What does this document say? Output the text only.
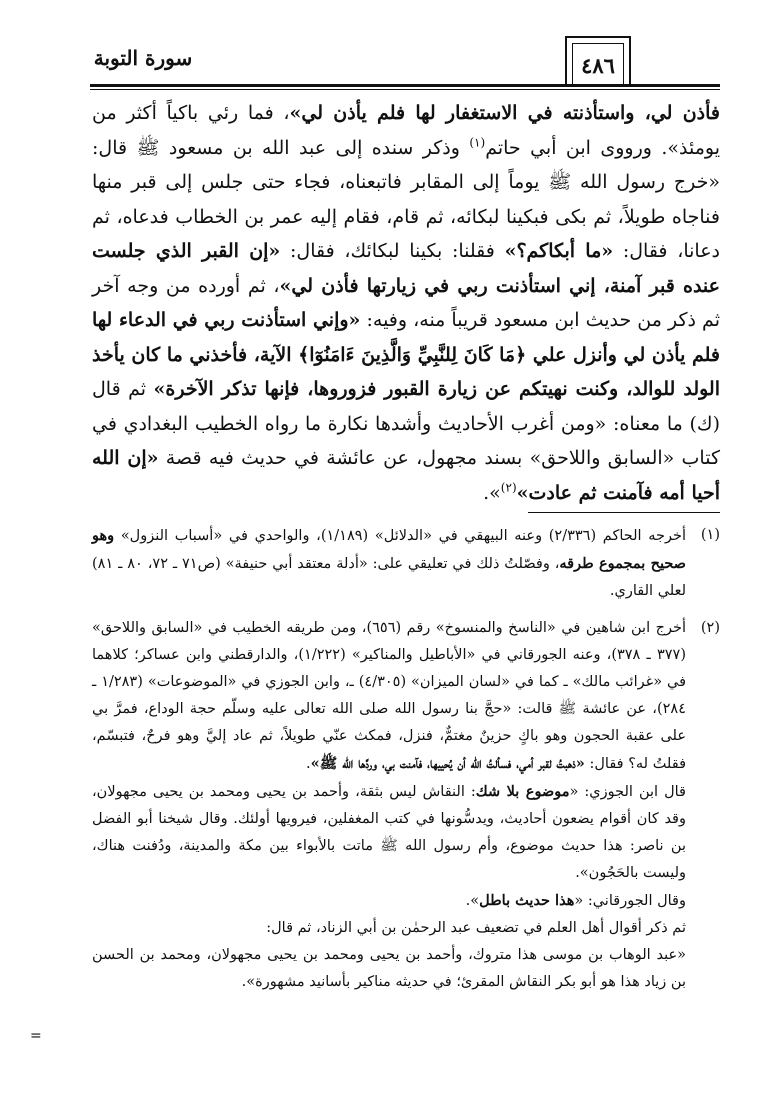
سورة التوبة	٤٨٦

فأذن لي، واستأذنته في الاستغفار لها فلم يأذن لي»، فما رئي باكياً أكثر من يومئذ». ورووى ابن أبي حاتم$^{(١)}$ وذكر سنده إلى عبد الله بن مسعود ﷺ قال: «خرج رسول الله ﷺ يوماً إلى المقابر فاتبعناه، فجاء حتى جلس إلى قبر منها فناجاه طويلاً، ثم بكى فبكينا لبكائه، ثم قام، فقام إليه عمر بن الخطاب فدعاه، ثم دعانا، فقال: «ما أبكاكم؟» فقلنا: بكينا لبكائك، فقال: «إن القبر الذي جلست عنده قبر آمنة، إني استأذنت ربي في زيارتها فأذن لي»، ثم أورده من وجه آخر ثم ذكر من حديث ابن مسعود قريباً منه، وفيه: «وإني استأذنت ربي في الدعاء لها فلم يأذن لي وأنزل علي ﴿مَا كَانَ لِلنَّبِيِّ وَالَّذِينَ ءَامَنُوٓا﴾ الآية، فأخذني ما كان يأخذ الولد للوالد، وكنت نهيتكم عن زيارة القبور فزوروها، فإنها تذكر الآخرة» ثم قال (ك) ما معناه: «ومن أغرب الأحاديث وأشدها نكارة ما رواه الخطيب البغدادي في كتاب «السابق واللاحق» بسند مجهول، عن عائشة في حديث فيه قصة «إن الله أحيا أمه فآمنت ثم عادت»$^{(٢)}$».

(١)
أخرجه الحاكم (٢/٣٣٦) وعنه البيهقي في «الدلائل» (١/١٨٩)، والواحدي في «أسباب النزول» وهو صحيح بمجموع طرقه، وفصّلتُ ذلك في تعليقي على: «أدلة معتقد أبي حنيفة» (ص٧١ ـ ٧٢، ٨٠ ـ ٨١) لعلي القاري.
(٢)
أخرج ابن شاهين في «الناسخ والمنسوخ» رقم (٦٥٦)، ومن طريقه الخطيب في «السابق واللاحق» (٣٧٧ ـ ٣٧٨)، وعنه الجورقاني في «الأباطيل والمناكير» (١/٢٢٢)، والدارقطني وابن عساكر؛ كلاهما في «غرائب مالك» ـ كما في «لسان الميزان» (٤/٣٠٥) ـ، وابن الجوزي في «الموضوعات» (١/٢٨٣ ـ ٢٨٤)، عن عائشة ﷺ قالت: «حجَّ بنا رسول الله صلى الله تعالى عليه وسلّم حجة الوداع، فمرَّ بي على عقبة الحجون وهو باكٍ حزينٌ مغتمٌّ، فنزل، فمكث عنّي طويلاً، ثم عاد إليَّ وهو فرحٌ، فتبسّم، فقلتُ له؟ فقال: «ذهبتُ لقبر أمي، فسألتُ الله أن يُحييها، فآمنت بي، وردَّها الله ﷺ».

قال ابن الجوزي: «موضوع بلا شك: النقاش ليس بثقة، وأحمد بن يحيى ومحمد بن يحيى مجهولان، وقد كان أقوام يضعون أحاديث، ويدسُّونها في كتب المغفلين، فيرويها أولئك. وقال شيخنا أبو الفضل بن ناصر: هذا حديث موضوع، وأم رسول الله ﷺ ماتت بالأبواء بين مكة والمدينة، ودُفنت هناك، وليست بالحَجُون».

وقال الجورقاني: «هذا حديث باطل».

ثم ذكر أقوال أهل العلم في تضعيف عبد الرحمٰن بن أبي الزناد، ثم قال:

«عبد الوهاب بن موسى هذا متروك، وأحمد بن يحيى ومحمد بن يحيى مجهولان، ومحمد بن الحسن بن زياد هذا هو أبو بكر النقاش المقرئ؛ في حديثه مناكير بأسانيد مشهورة».

=
